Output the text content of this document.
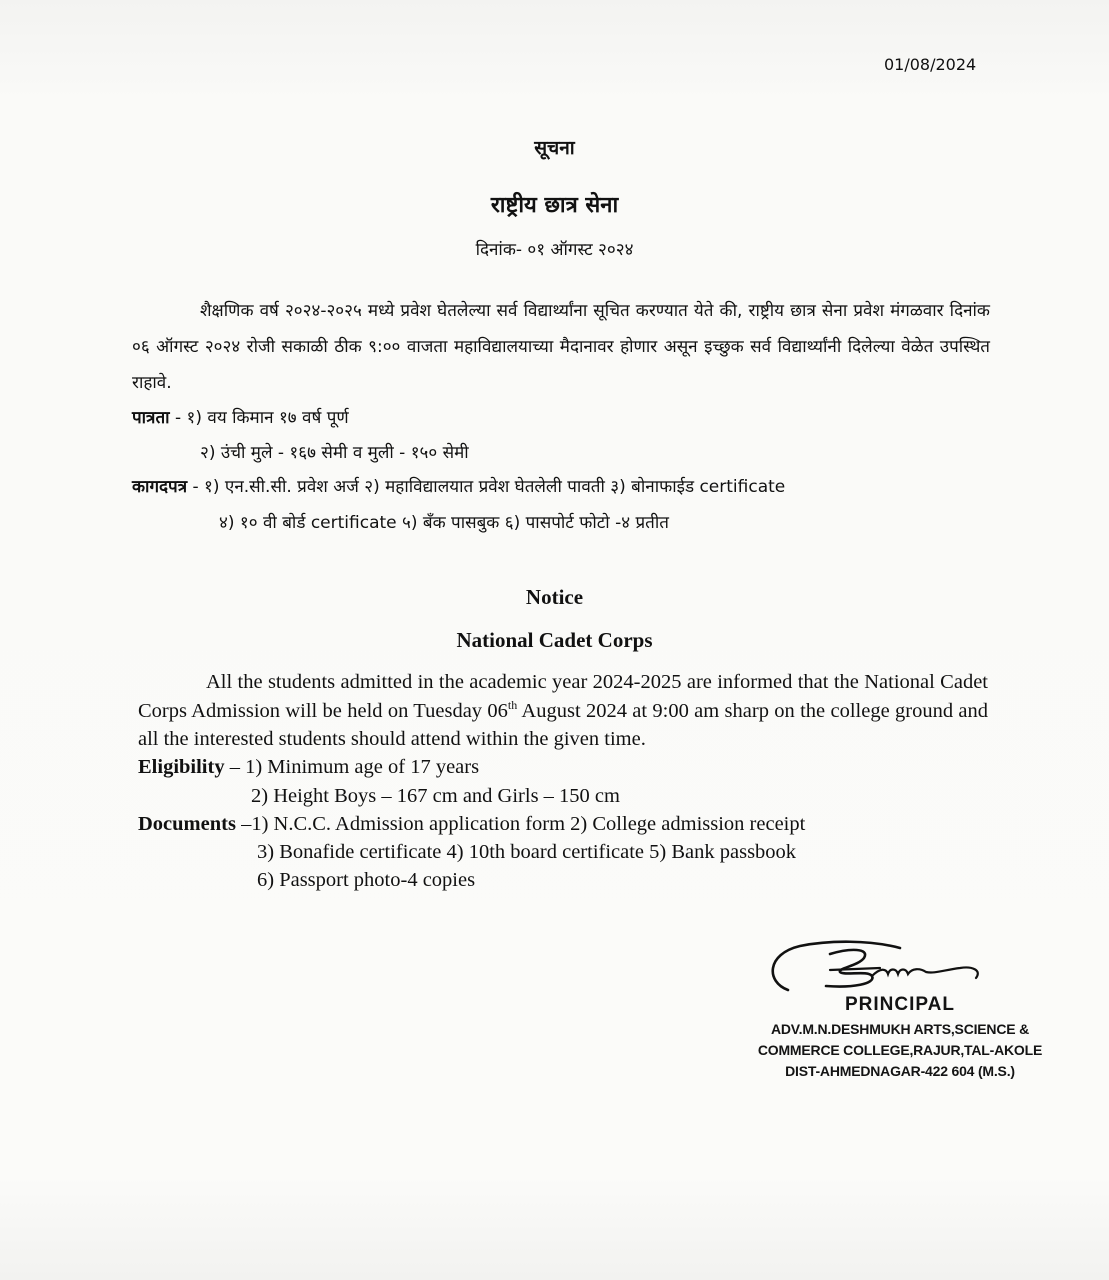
01/08/2024
सूचना
राष्ट्रीय छात्र सेना
दिनांक- ०१ ऑगस्ट २०२४
शैक्षणिक वर्ष २०२४-२०२५ मध्ये प्रवेश घेतलेल्या सर्व विद्यार्थ्यांना सूचित करण्यात येते की, राष्ट्रीय छात्र सेना प्रवेश मंगळवार दिनांक ०६ ऑगस्ट २०२४ रोजी सकाळी ठीक ९:०० वाजता महाविद्यालयाच्या मैदानावर होणार असून इच्छुक सर्व विद्यार्थ्यांनी दिलेल्या वेळेत उपस्थित राहावे.
पात्रता - १) वय किमान १७ वर्ष पूर्ण
२) उंची मुले - १६७ सेमी व मुली - १५० सेमी
कागदपत्र - १) एन.सी.सी. प्रवेश अर्ज २) महाविद्यालयात प्रवेश घेतलेली पावती ३) बोनाफाईड certificate
४) १० वी बोर्ड certificate ५) बँक पासबुक ६) पासपोर्ट फोटो -४ प्रतीत
Notice
National Cadet Corps
All the students admitted in the academic year 2024-2025 are informed that the National Cadet Corps Admission will be held on Tuesday 06th August 2024 at 9:00 am sharp on the college ground and all the interested students should attend within the given time.
Eligibility – 1) Minimum age of 17 years
2) Height Boys – 167 cm and Girls – 150 cm
Documents –1) N.C.C. Admission application form 2) College admission receipt
3) Bonafide certificate 4) 10th board certificate 5) Bank passbook
6) Passport photo-4 copies
PRINCIPAL
ADV.M.N.DESHMUKH ARTS,SCIENCE &
COMMERCE COLLEGE,RAJUR,TAL-AKOLE
DIST-AHMEDNAGAR-422 604 (M.S.)
